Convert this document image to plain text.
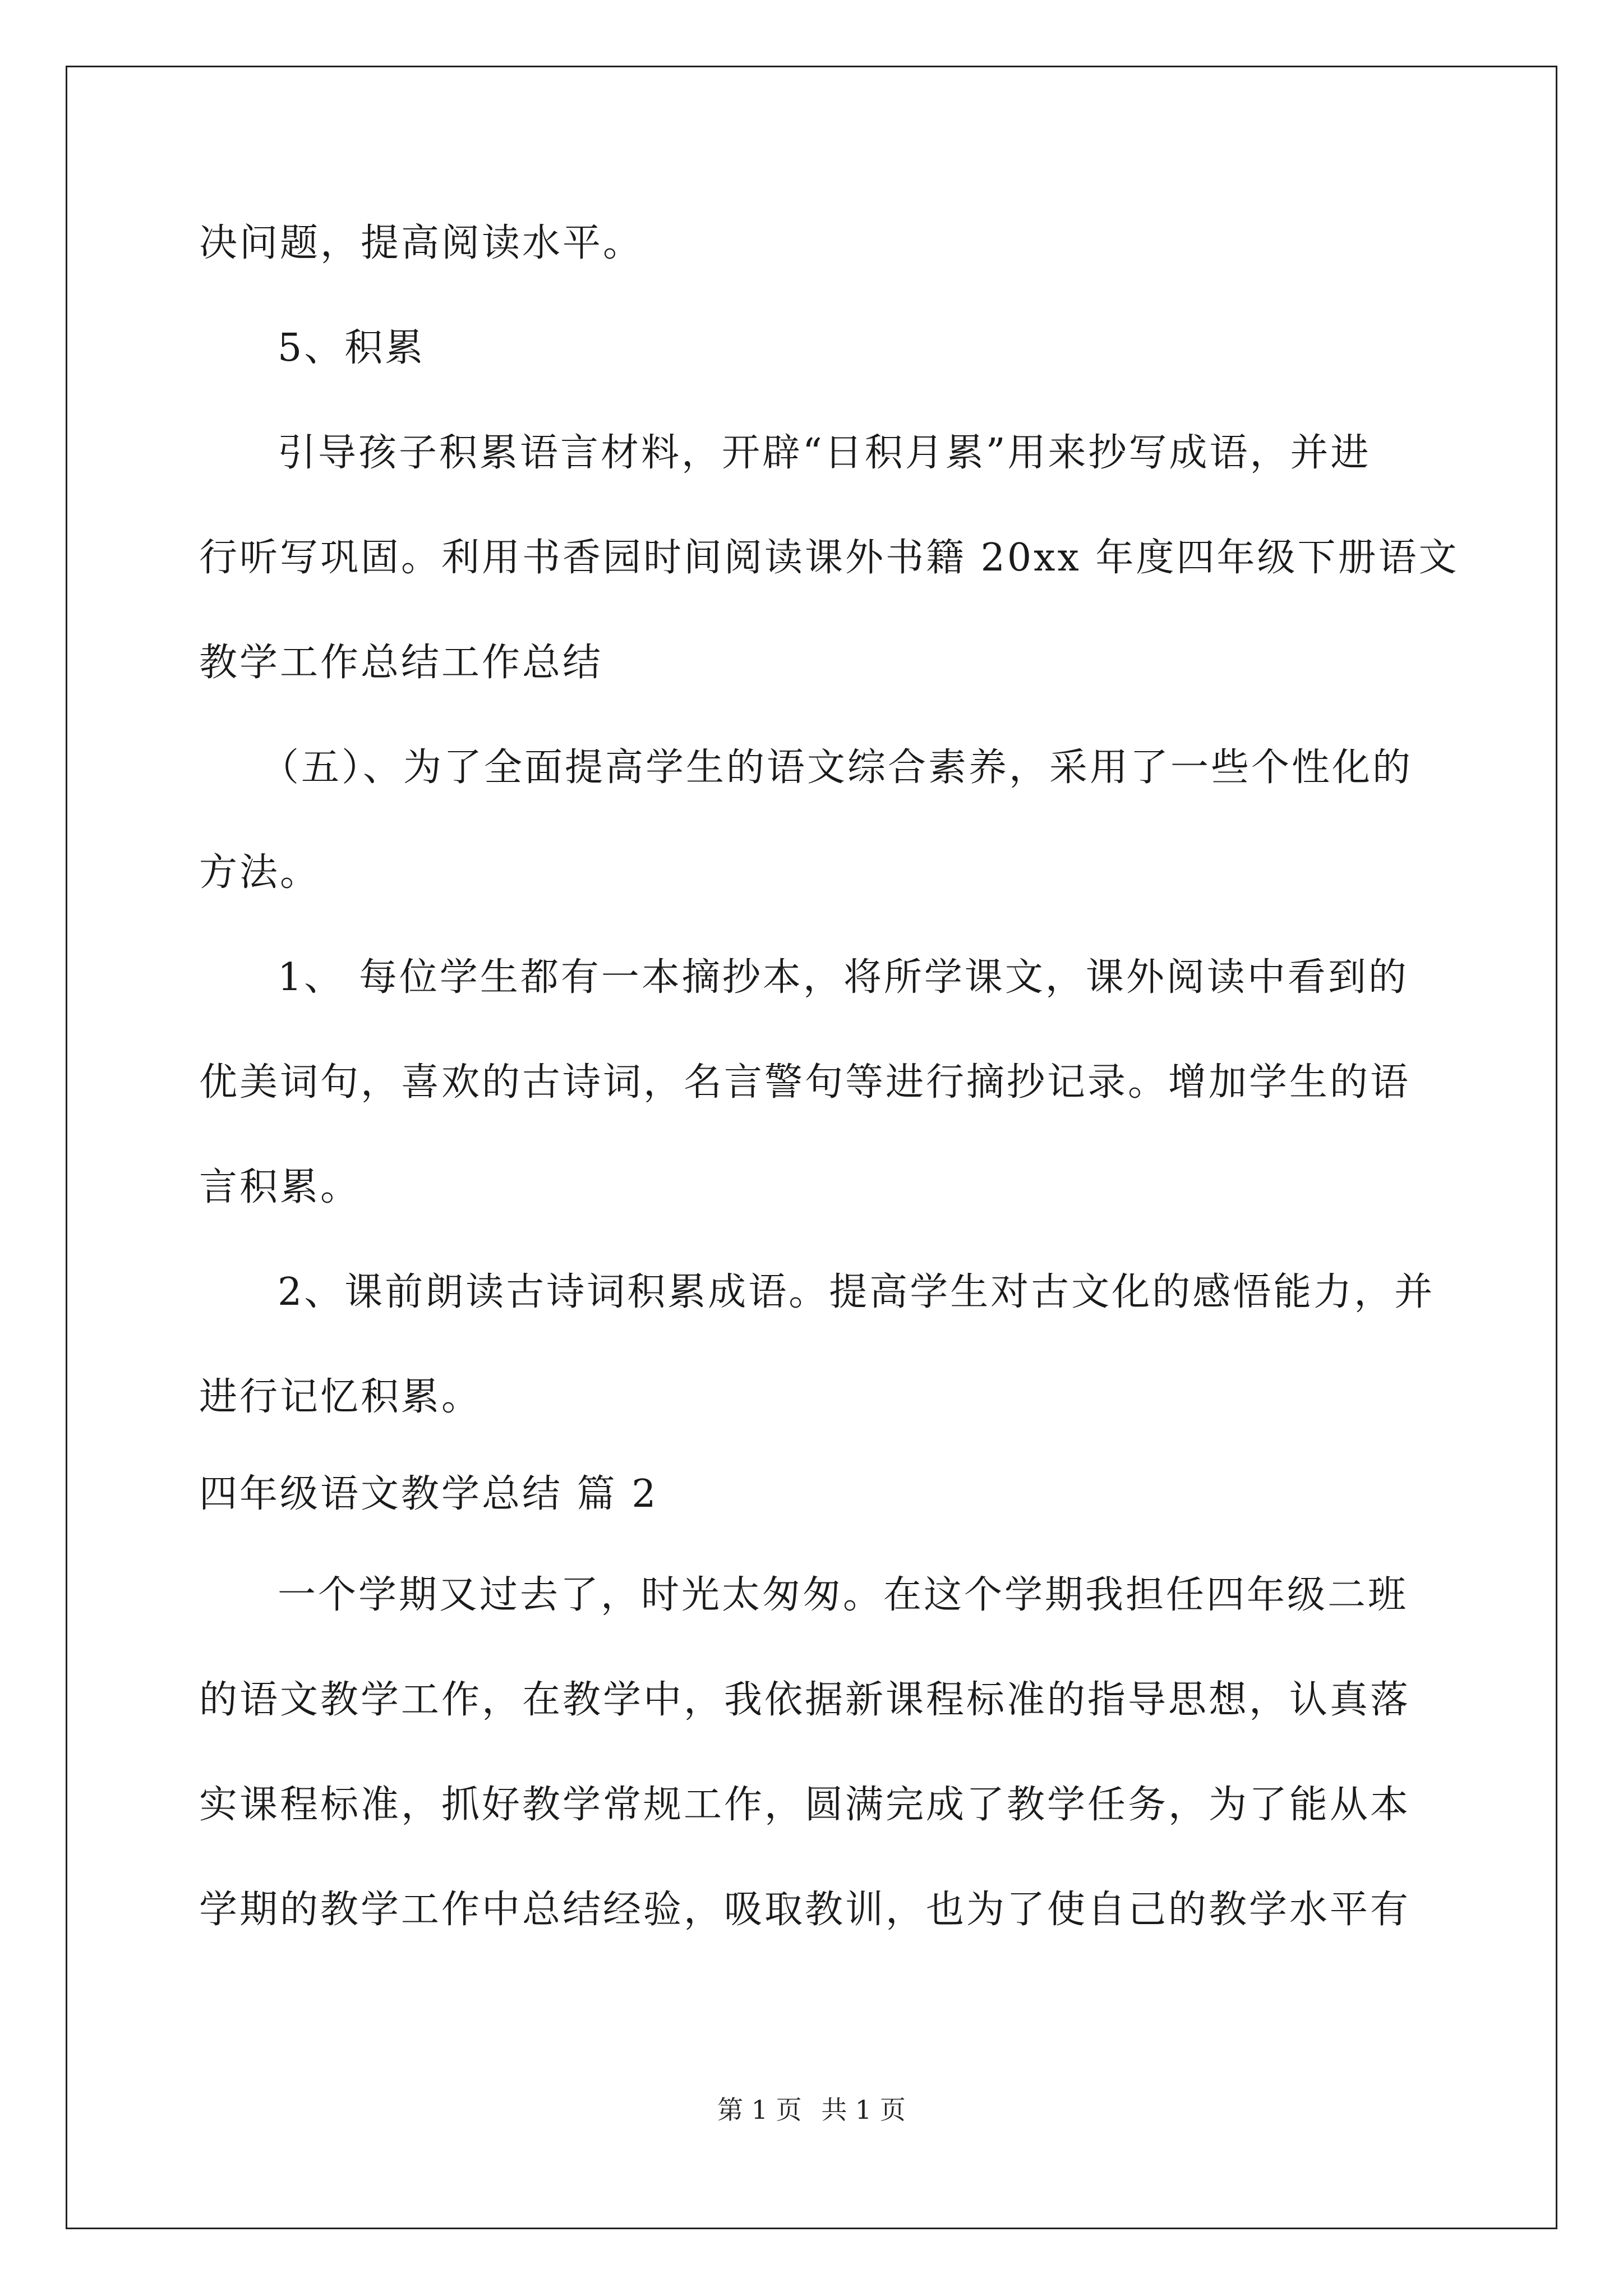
决问题，提高阅读水平。
5、积累
引导孩子积累语言材料，开辟“日积月累”用来抄写成语，并进
行听写巩固。利用书香园时间阅读课外书籍 20xx 年度四年级下册语文
教学工作总结工作总结
（五）、为了全面提高学生的语文综合素养，采用了一些个性化的
方法。
1、 每位学生都有一本摘抄本，将所学课文，课外阅读中看到的
优美词句，喜欢的古诗词，名言警句等进行摘抄记录。增加学生的语
言积累。
2、课前朗读古诗词积累成语。提高学生对古文化的感悟能力，并
进行记忆积累。
四年级语文教学总结 篇 2
一个学期又过去了，时光太匆匆。在这个学期我担任四年级二班
的语文教学工作，在教学中，我依据新课程标准的指导思想，认真落
实课程标准，抓好教学常规工作，圆满完成了教学任务，为了能从本
学期的教学工作中总结经验，吸取教训，也为了使自己的教学水平有
第 1 页 共 1 页
